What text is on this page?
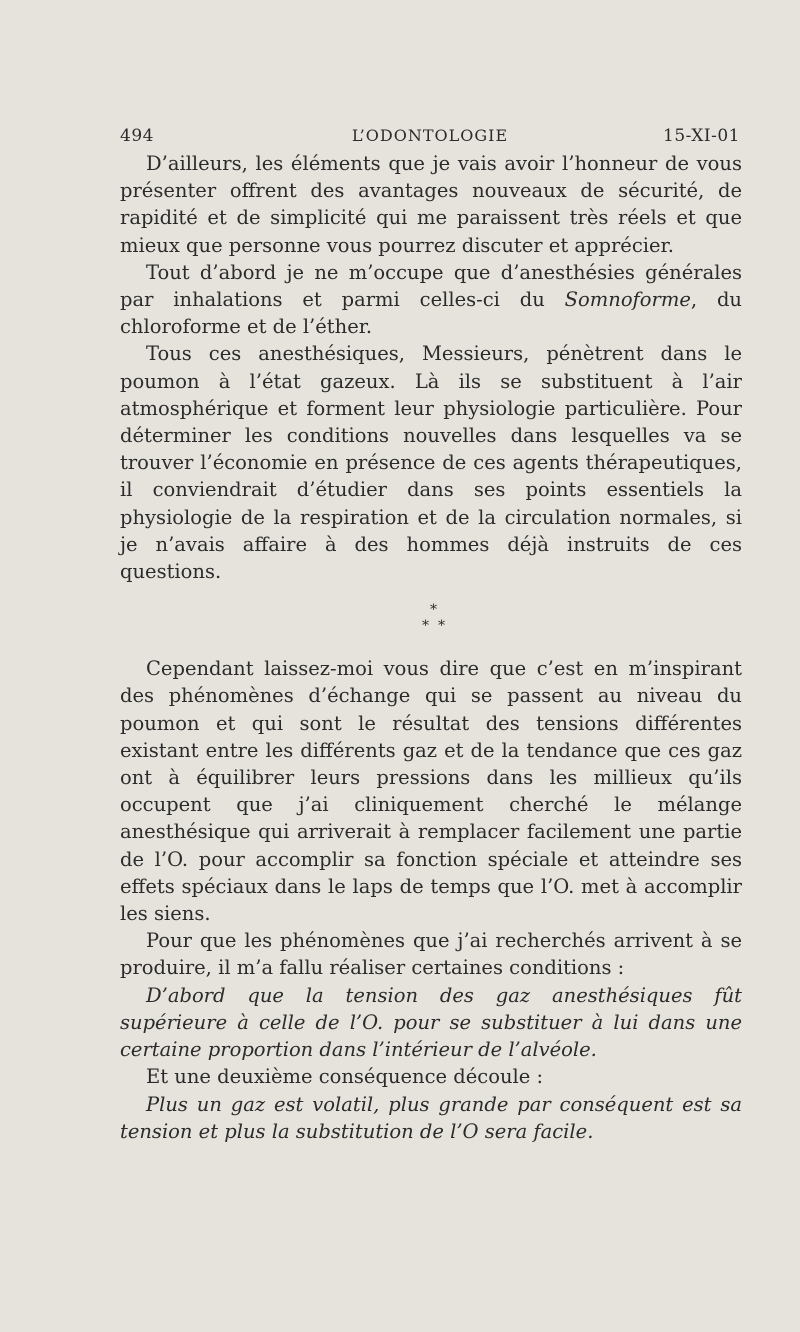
494	L’ODONTOLOGIE	15-XI-01

D’ailleurs, les éléments que je vais avoir l’honneur de vous présenter offrent des avantages nouveaux de sécurité, de rapidité et de simplicité qui me paraissent très réels et que mieux que personne vous pourrez discuter et apprécier.

Tout d’abord je ne m’occupe que d’anesthésies générales par inhalations et parmi celles-ci du Somnoforme, du chloroforme et de l’éther.

Tous ces anesthésiques, Messieurs, pénètrent dans le poumon à l’état gazeux. Là ils se substituent à l’air atmosphérique et forment leur physiologie particulière. Pour déterminer les conditions nouvelles dans lesquelles va se trouver l’économie en présence de ces agents thérapeutiques, il conviendrait d’étudier dans ses points essentiels la physiologie de la respiration et de la circulation normales, si je n’avais affaire à des hommes déjà instruits de ces questions.

*
* *

Cependant laissez-moi vous dire que c’est en m’inspirant des phénomènes d’échange qui se passent au niveau du poumon et qui sont le résultat des tensions différentes existant entre les différents gaz et de la tendance que ces gaz ont à équilibrer leurs pressions dans les millieux qu’ils occupent que j’ai cliniquement cherché le mélange anesthésique qui arriverait à remplacer facilement une partie de l’O. pour accomplir sa fonction spéciale et atteindre ses effets spéciaux dans le laps de temps que l’O. met à accomplir les siens.

Pour que les phénomènes que j’ai recherchés arrivent à se produire, il m’a fallu réaliser certaines conditions :

D’abord que la tension des gaz anesthésiques fût supérieure à celle de l’O. pour se substituer à lui dans une certaine proportion dans l’intérieur de l’alvéole.

Et une deuxième conséquence découle :

Plus un gaz est volatil, plus grande par conséquent est sa tension et plus la substitution de l’O sera facile.
